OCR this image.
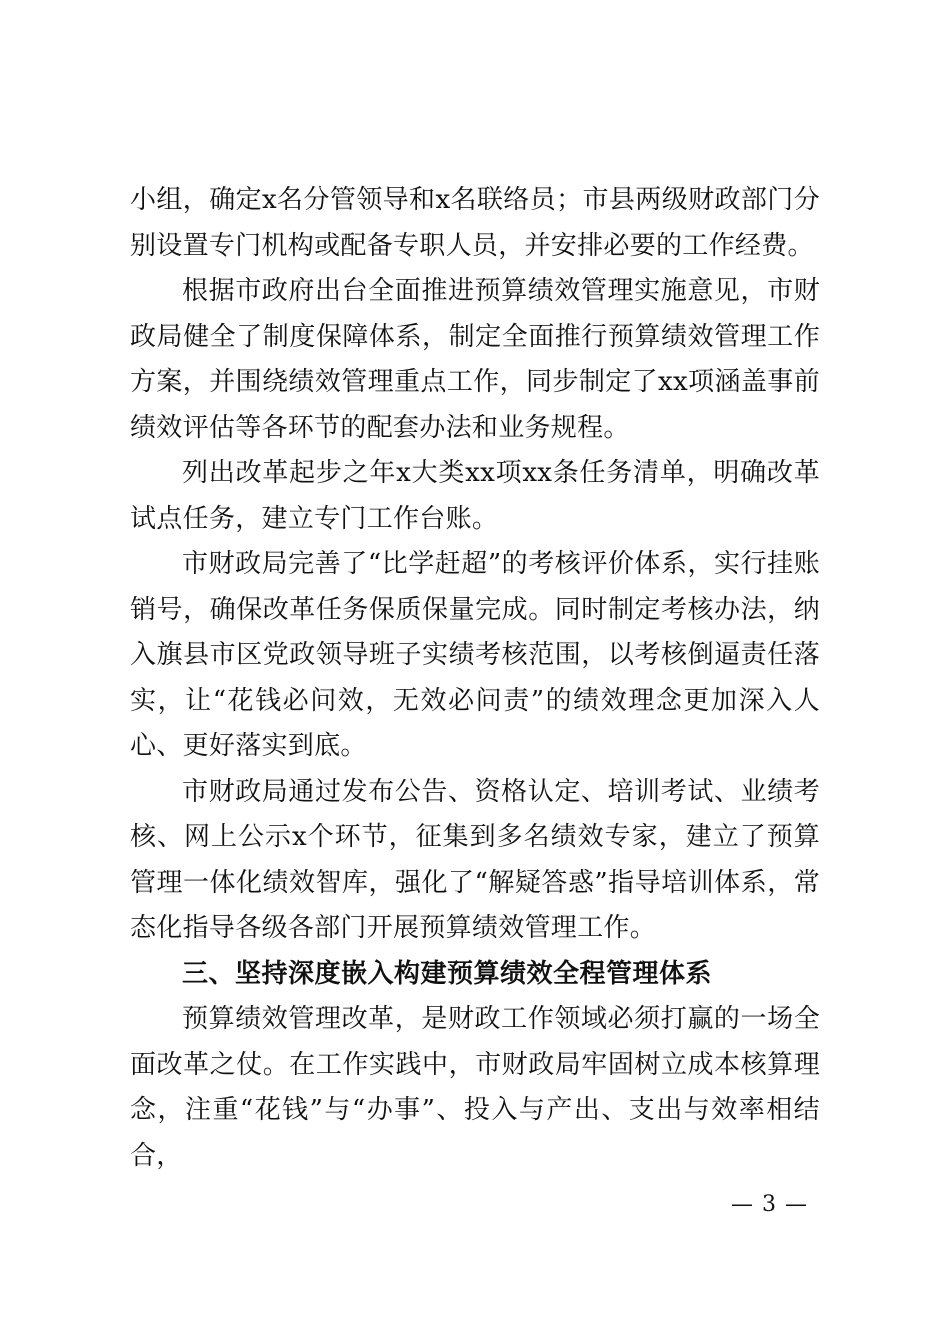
小组，确定x名分管领导和x名联络员；市县两级财政部门分别设置专门机构或配备专职人员，并安排必要的工作经费。

根据市政府出台全面推进预算绩效管理实施意见，市财政局健全了制度保障体系，制定全面推行预算绩效管理工作方案，并围绕绩效管理重点工作，同步制定了xx项涵盖事前绩效评估等各环节的配套办法和业务规程。

列出改革起步之年x大类xx项xx条任务清单，明确改革试点任务，建立专门工作台账。

市财政局完善了“比学赶超”的考核评价体系，实行挂账销号，确保改革任务保质保量完成。同时制定考核办法，纳入旗县市区党政领导班子实绩考核范围，以考核倒逼责任落实，让“花钱必问效，无效必问责”的绩效理念更加深入人心、更好落实到底。

市财政局通过发布公告、资格认定、培训考试、业绩考核、网上公示x个环节，征集到多名绩效专家，建立了预算管理一体化绩效智库，强化了“解疑答惑”指导培训体系，常态化指导各级各部门开展预算绩效管理工作。

三、坚持深度嵌入构建预算绩效全程管理体系

预算绩效管理改革，是财政工作领域必须打赢的一场全面改革之仗。在工作实践中，市财政局牢固树立成本核算理念，注重“花钱”与“办事”、投入与产出、支出与效率相结合，

— 3 —
